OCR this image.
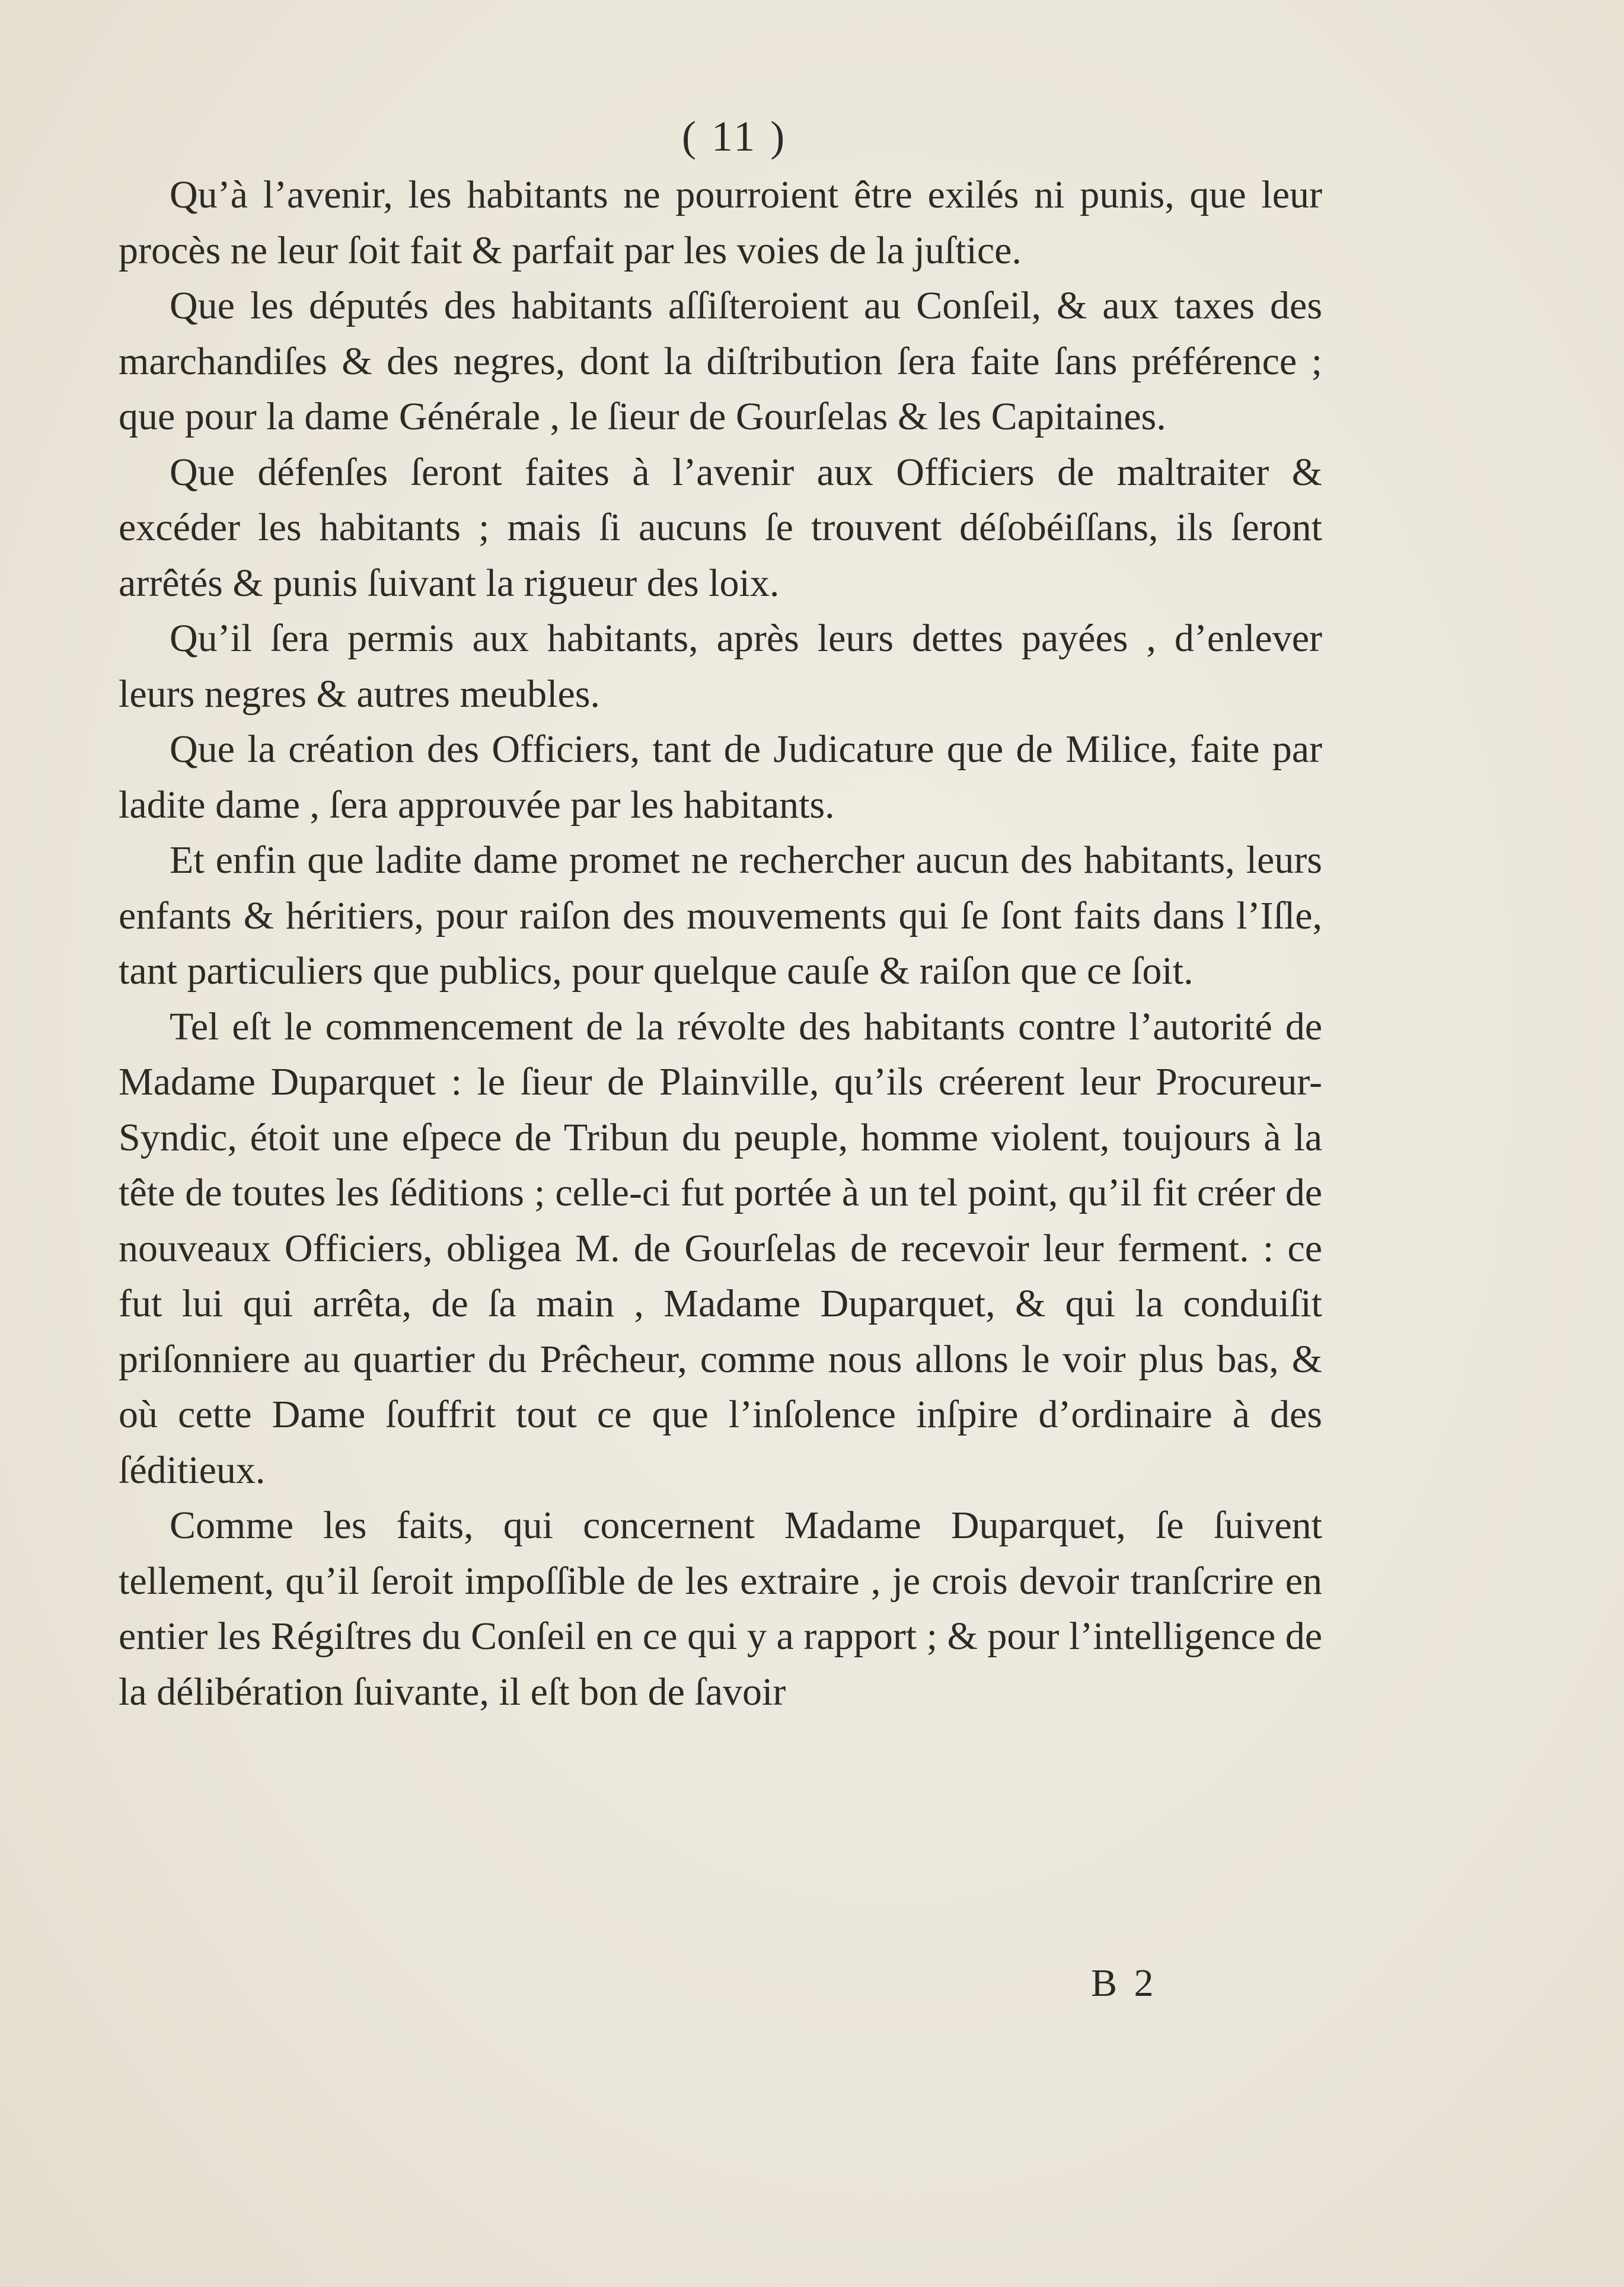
( 11 )

Qu’à l’avenir, les habitants ne pourroient être exilés ni punis, que leur procès ne leur ſoit fait & parfait par les voies de la juſtice.

Que les députés des habitants aſſiſteroient au Conſeil, & aux taxes des marchandiſes & des negres, dont la diſtribution ſera faite ſans préférence ; que pour la dame Générale , le ſieur de Gourſelas & les Capitaines.

Que défenſes ſeront faites à l’avenir aux Officiers de maltraiter & excéder les habitants ; mais ſi aucuns ſe trouvent déſobéiſſans, ils ſeront arrêtés & punis ſuivant la rigueur des loix.

Qu’il ſera permis aux habitants, après leurs dettes payées , d’enlever leurs negres & autres meubles.

Que la création des Officiers, tant de Judicature que de Milice, faite par ladite dame , ſera approuvée par les habitants.

Et enfin que ladite dame promet ne rechercher aucun des habitants, leurs enfants & héritiers, pour raiſon des mouvements qui ſe ſont faits dans l’Iſle, tant particuliers que publics, pour quelque cauſe & raiſon que ce ſoit.

Tel eſt le commencement de la révolte des habitants contre l’autorité de Madame Duparquet : le ſieur de Plainville, qu’ils créerent leur Procureur-Syndic, étoit une eſpece de Tribun du peuple, homme violent, toujours à la tête de toutes les ſéditions ; celle-ci fut portée à un tel point, qu’il fit créer de nouveaux Officiers, obligea M. de Gourſelas de recevoir leur ferment. : ce fut lui qui arrêta, de ſa main , Madame Duparquet, & qui la conduiſit priſonniere au quartier du Prêcheur, comme nous allons le voir plus bas, & où cette Dame ſouffrit tout ce que l’inſolence inſpire d’ordinaire à des ſéditieux.

Comme les faits, qui concernent Madame Duparquet, ſe ſuivent tellement, qu’il ſeroit impoſſible de les extraire , je crois devoir tranſcrire en entier les Régiſtres du Conſeil en ce qui y a rapport ; & pour l’intelligence de la délibération ſuivante, il eſt bon de ſavoir

B 2
